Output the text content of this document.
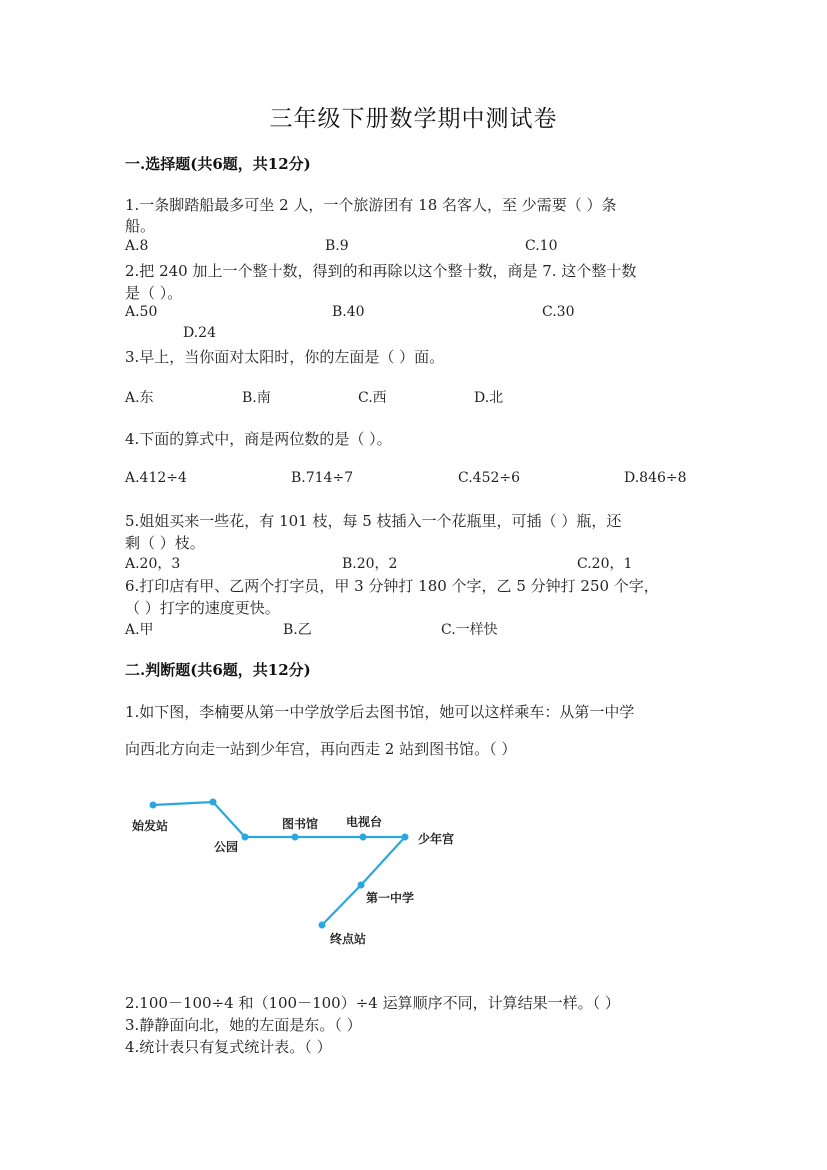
三年级下册数学期中测试卷
一.选择题(共6题，共12分)
1.一条脚踏船最多可坐 2 人，一个旅游团有 18 名客人，至 少需要（ ）条
船。
A.8	B.9	C.10
2.把 240 加上一个整十数，得到的和再除以这个整十数，商是 7. 这个整十数
是（ ）。
A.50	B.40	C.30
D.24
3.早上，当你面对太阳时，你的左面是（ ）面。
A.东	B.南	C.西	D.北
4.下面的算式中，商是两位数的是（ ）。
A.412÷4	B.714÷7	C.452÷6	D.846÷8
5.姐姐买来一些花，有 101 枝，每 5 枝插入一个花瓶里，可插（ ）瓶，还
剩（ ）枝。
A.20，3	B.20，2	C.20，1
6.打印店有甲、乙两个打字员，甲 3 分钟打 180 个字，乙 5 分钟打 250 个字，
（ ）打字的速度更快。
A.甲	B.乙	C.一样快
二.判断题(共6题，共12分)
1.如下图，李楠要从第一中学放学后去图书馆，她可以这样乘车：从第一中学
向西北方向走一站到少年宫，再向西走 2 站到图书馆。（ ）
始发站
公园
图书馆 电视台
少年宫
第一中学
终点站
2.100－100÷4 和（100－100）÷4 运算顺序不同，计算结果一样。（ ）
3.静静面向北，她的左面是东。（ ）
4.统计表只有复式统计表。（ ）
